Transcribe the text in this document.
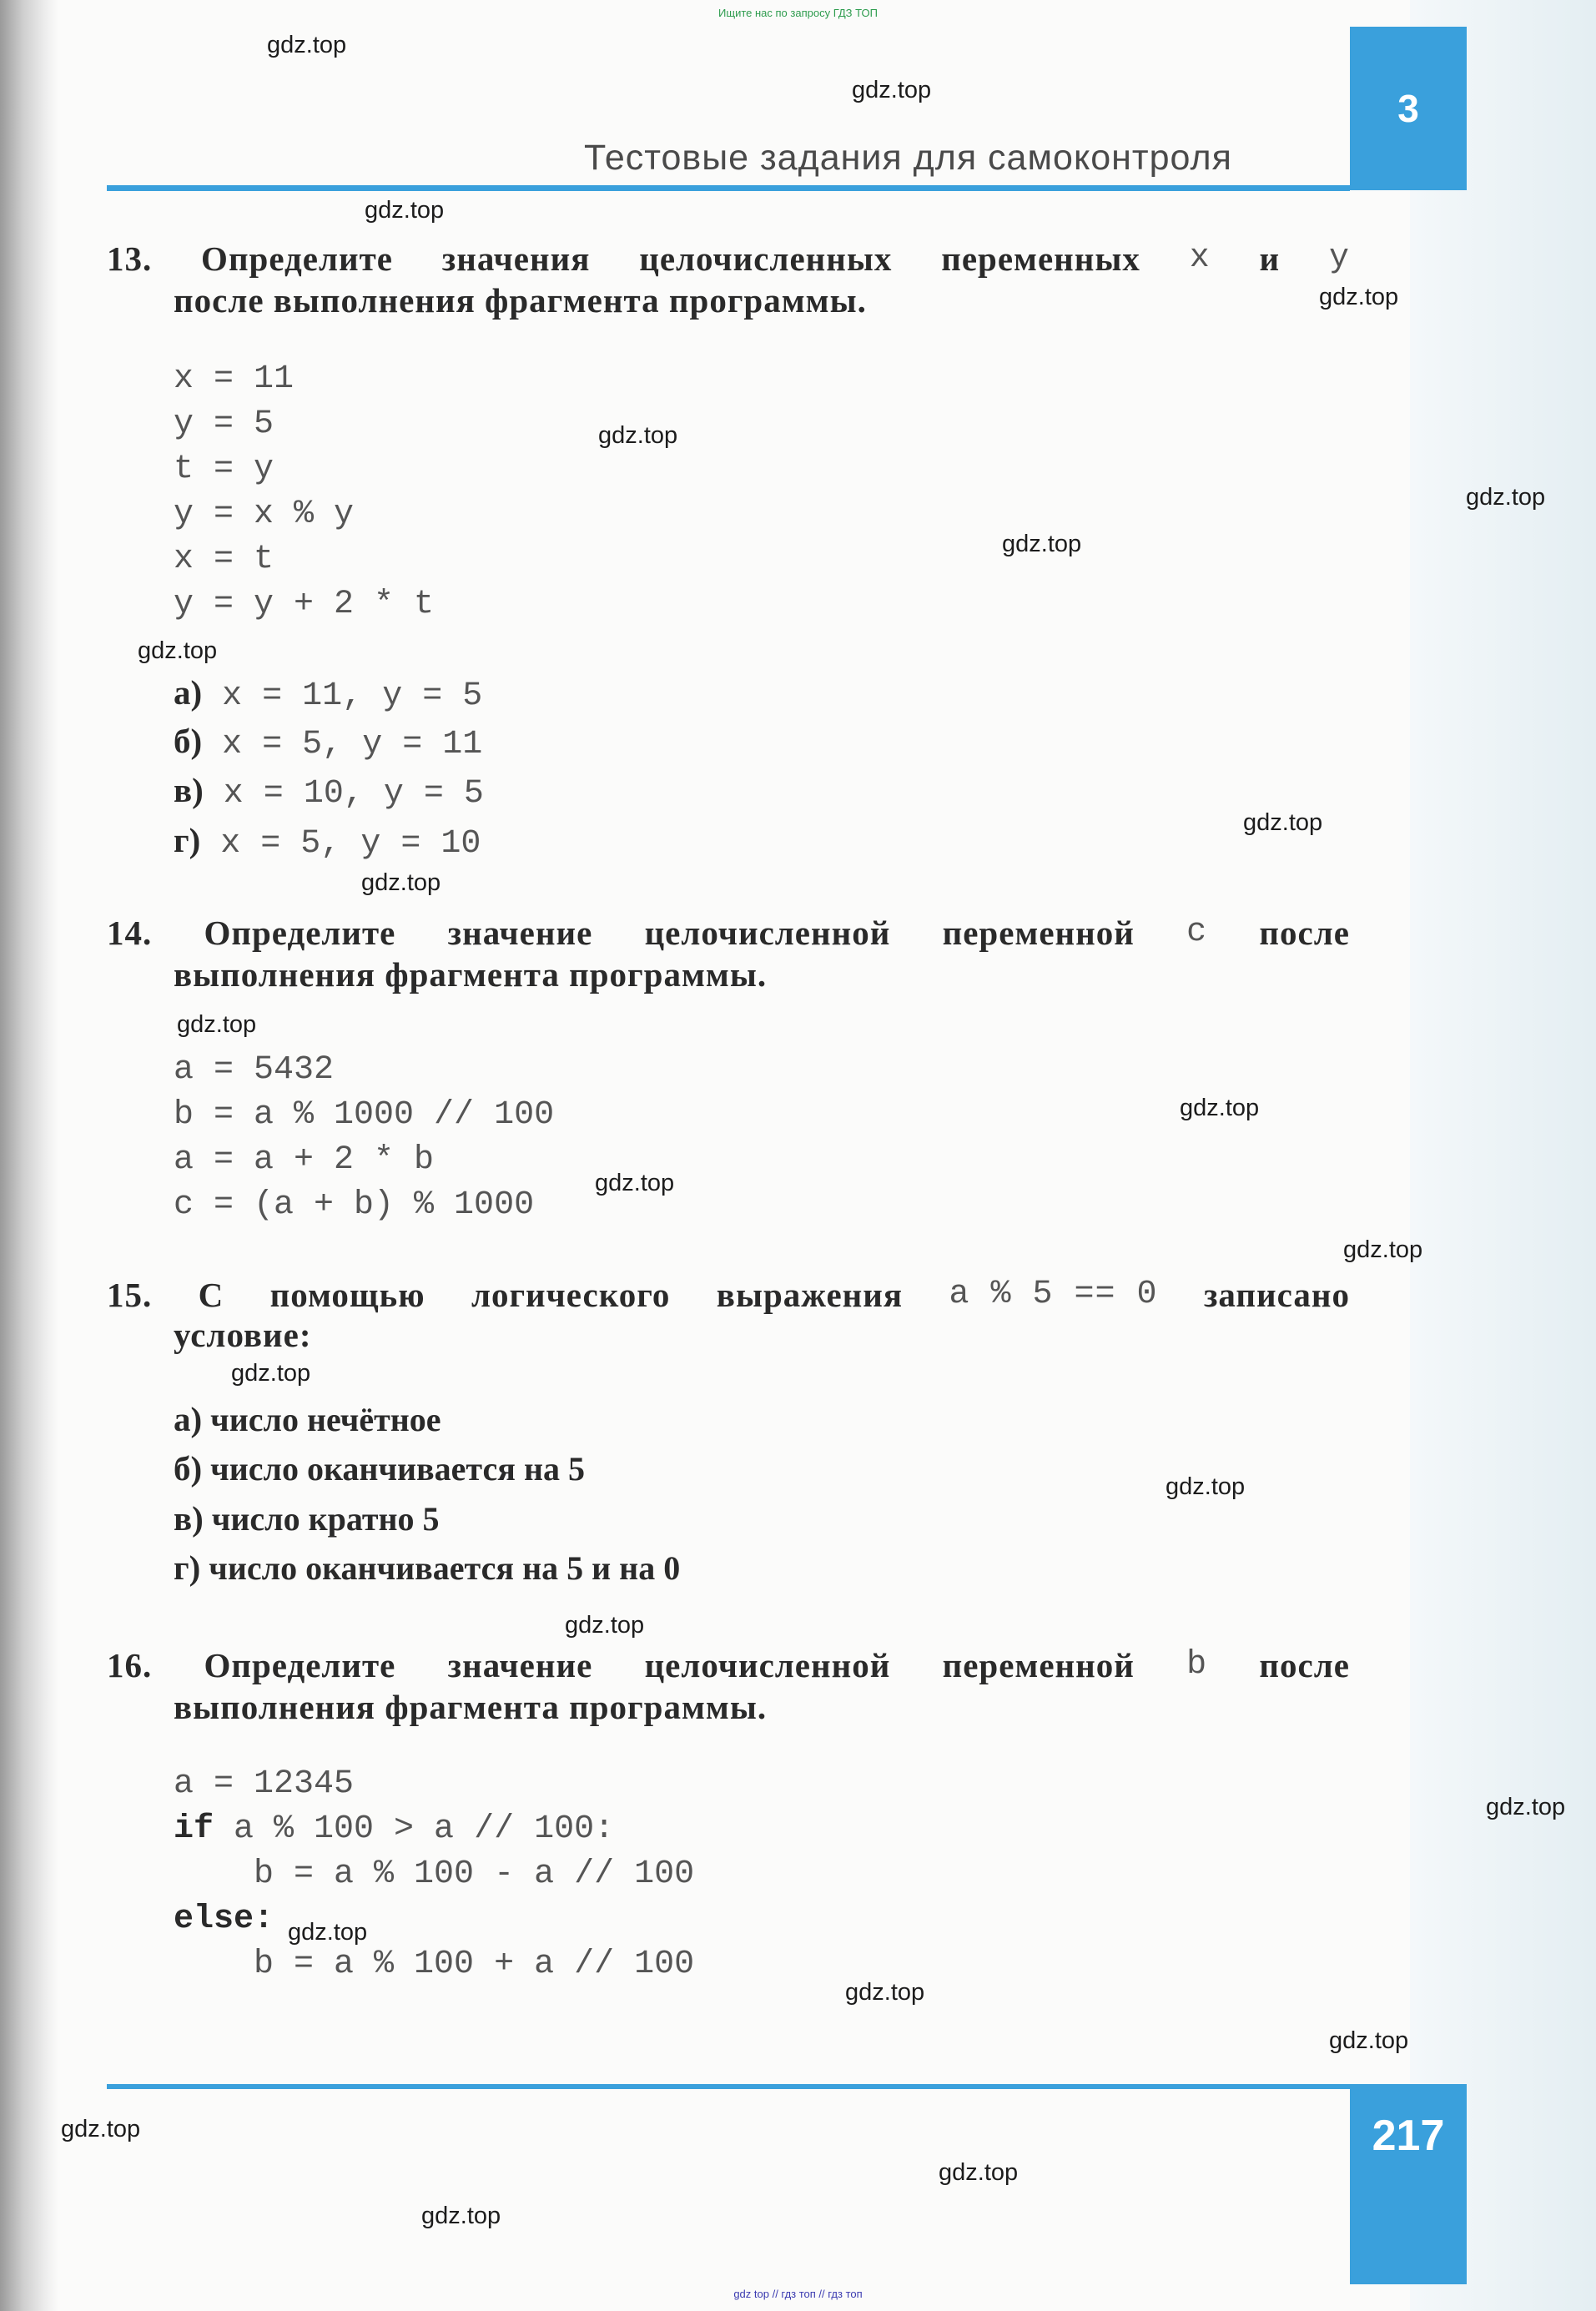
Ищите нас по запросу ГДЗ ТОП
Тестовые задания для самоконтроля
3
13. Определите значения целочисленных переменных x и y
после выполнения фрагмента программы.
x = 11
y = 5
t = y
y = x % y
x = t
y = y + 2 * t
а) x = 11, y = 5
б) x = 5, y = 11
в) x = 10, y = 5
г) x = 5, y = 10
14. Определите значение целочисленной переменной c после
выполнения фрагмента программы.
a = 5432
b = a % 1000 // 100
a = a + 2 * b
c = (a + b) % 1000
15. С помощью логического выражения a % 5 == 0 записано
условие:
а) число нечётное
б) число оканчивается на 5
в) число кратно 5
г) число оканчивается на 5 и на 0
16. Определите значение целочисленной переменной b после
выполнения фрагмента программы.
a = 12345
if a % 100 > a // 100:
b = a % 100 - a // 100
else:
b = a % 100 + a // 100
217
gdz top // гдз топ // гдз топ
gdz.top
gdz.top
gdz.top
gdz.top
gdz.top
gdz.top
gdz.top
gdz.top
gdz.top
gdz.top
gdz.top
gdz.top
gdz.top
gdz.top
gdz.top
gdz.top
gdz.top
gdz.top
gdz.top
gdz.top
gdz.top
gdz.top
gdz.top
gdz.top
